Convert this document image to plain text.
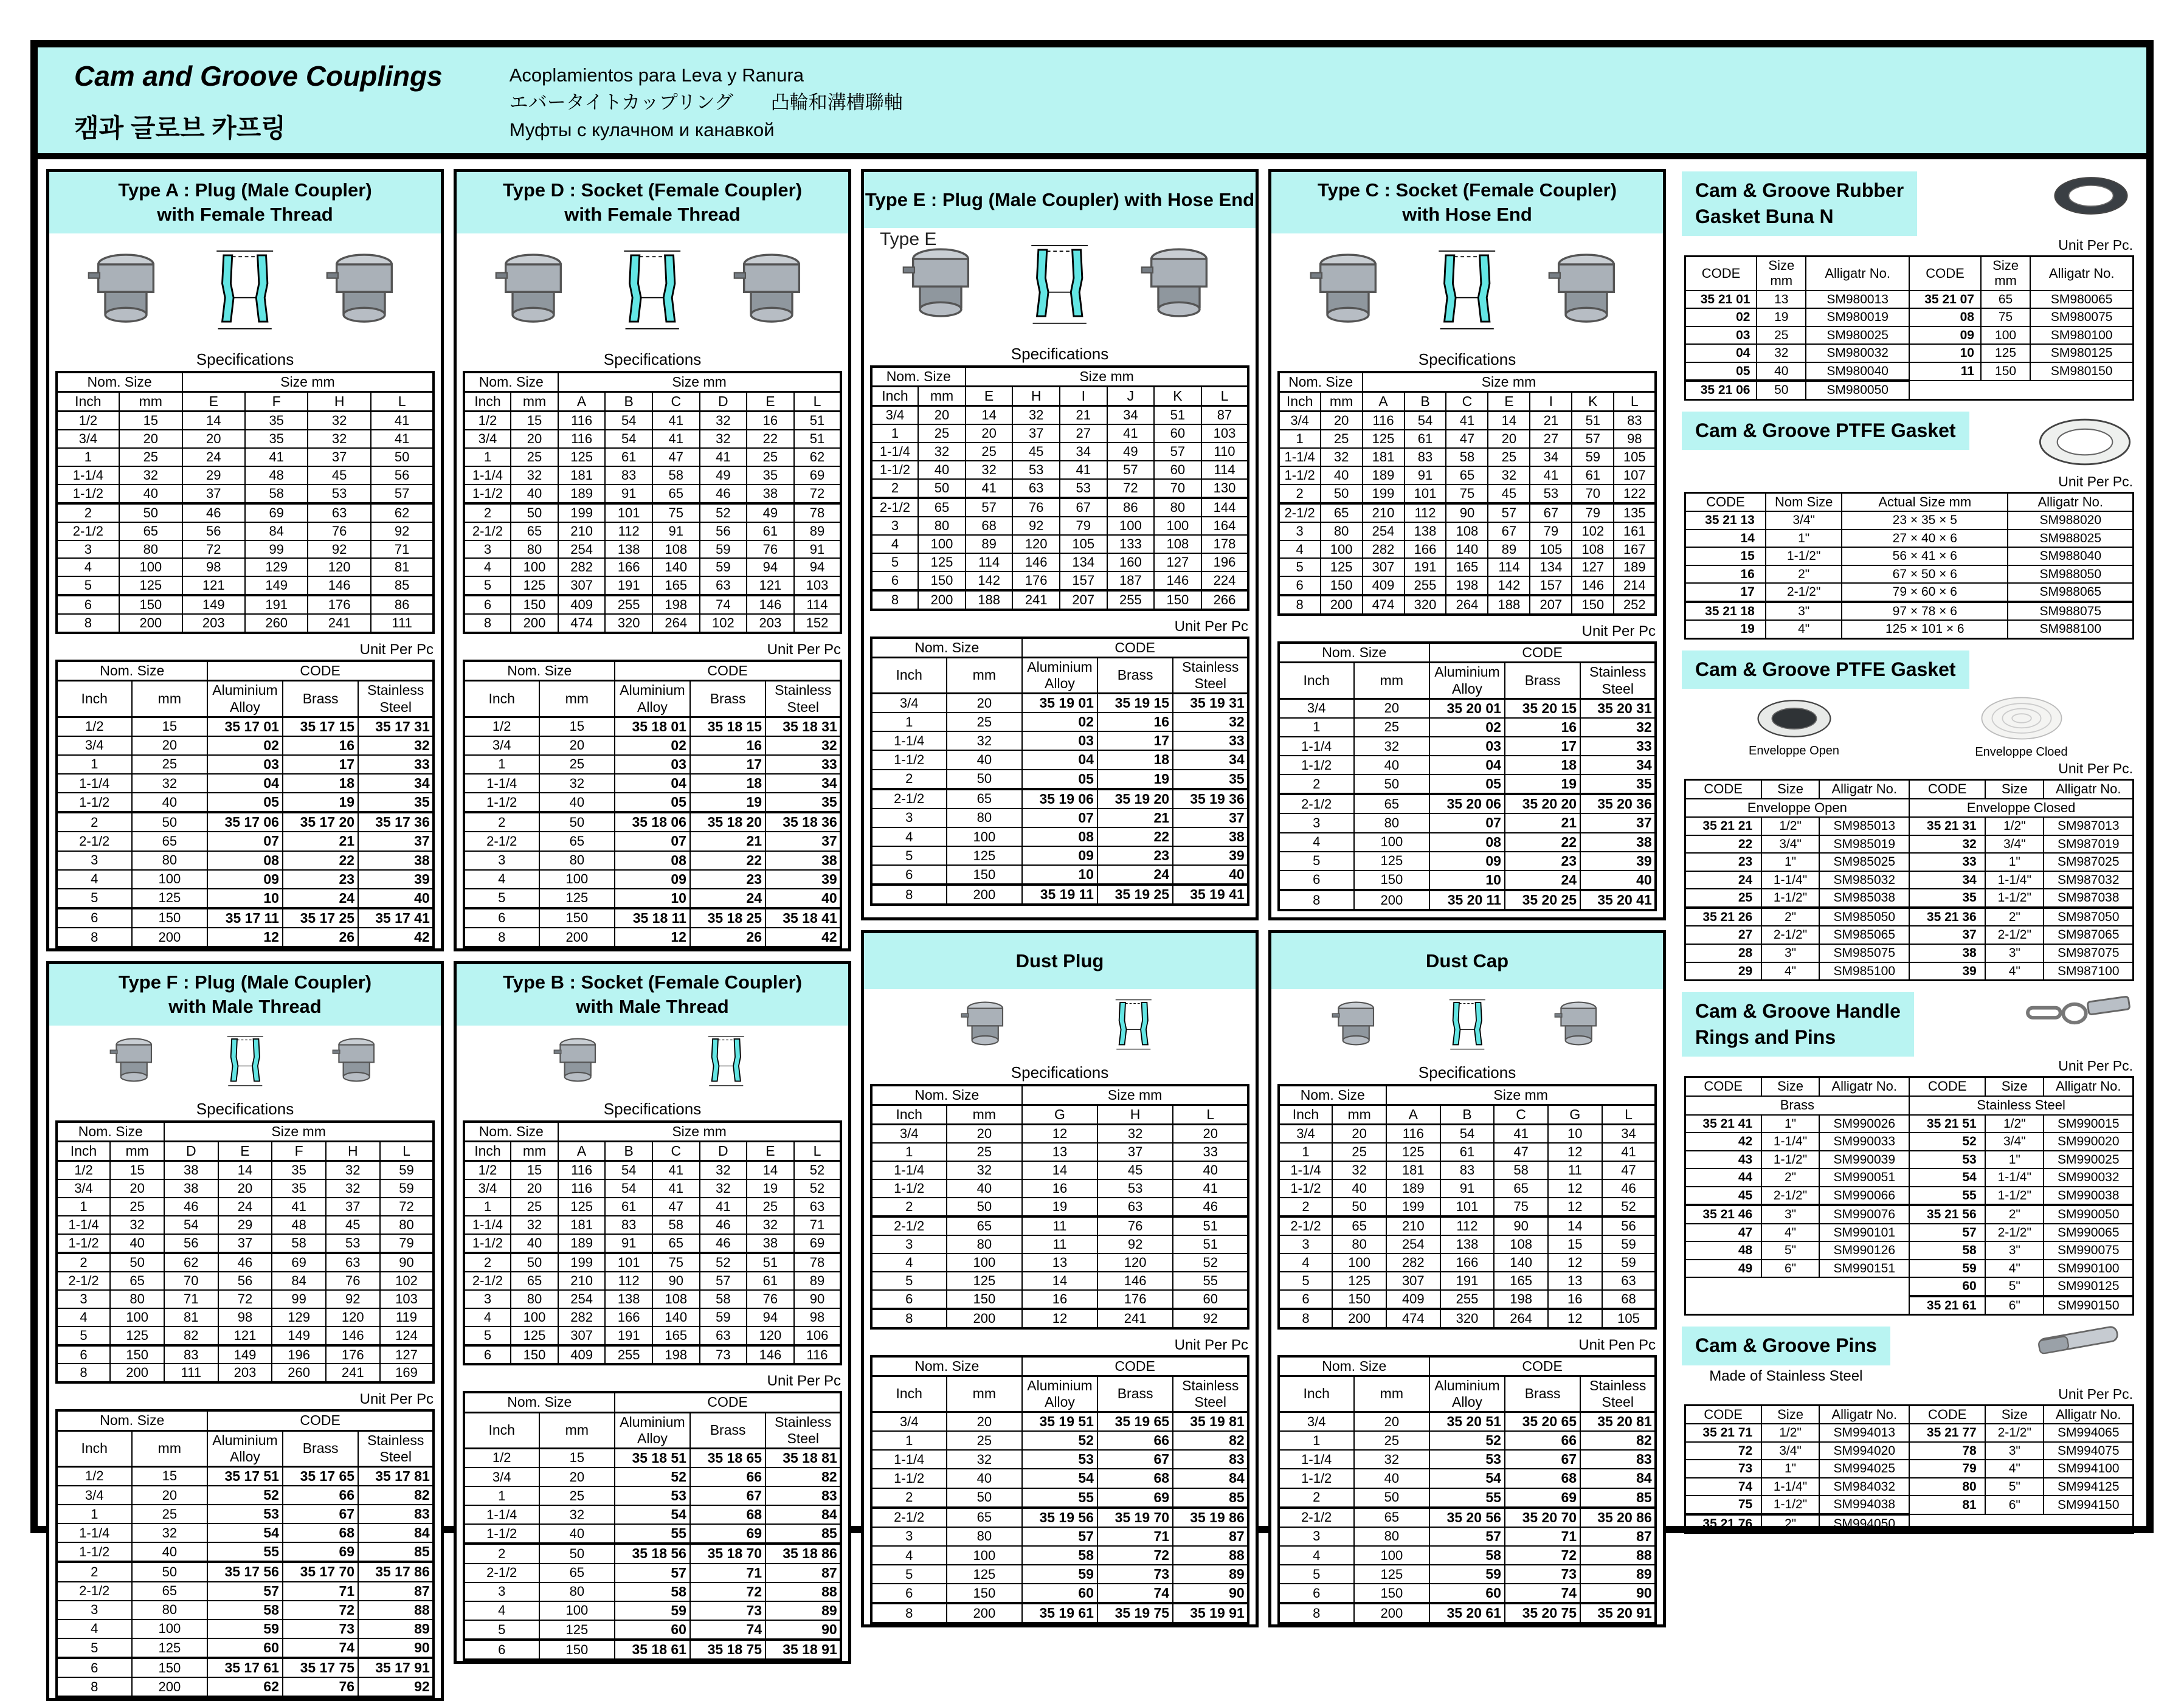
Cam and Groove Couplings
캠과 글로브 카프링
Acoplamientos para Leva y Ranura
エバータイトカップリング 凸輪和溝槽聯軸
Муфты с кулачном и канавкой
Type A : Plug (Male Coupler)
with Female Thread
Specifications
Nom. Size		Size mm			
Inch	mm	E	F	H	L
1/2	15	14	35	32	41
3/4	20	20	35	32	41
1	25	24	41	37	50
1-1/4	32	29	48	45	56
1-1/2	40	37	58	53	57
2	50	46	69	63	62
2-1/2	65	56	84	76	92
3	80	72	99	92	71
4	100	98	129	120	81
5	125	121	149	146	85
6	150	149	191	176	86
8	200	203	260	241	111
Unit Per Pc
Nom. Size		CODE		
Inch	mm	Aluminium Alloy	Brass	Stainless Steel
1/2	15	35 17 01	35 17 15	35 17 31
3/4	20	02	16	32
1	25	03	17	33
1-1/4	32	04	18	34
1-1/2	40	05	19	35
2	50	35 17 06	35 17 20	35 17 36
2-1/2	65	07	21	37
3	80	08	22	38
4	100	09	23	39
5	125	10	24	40
6	150	35 17 11	35 17 25	35 17 41
8	200	12	26	42
Type F : Plug (Male Coupler)
with Male Thread
Specifications
Nom. Size		Size mm				
Inch	mm	D	E	F	H	L
1/2	15	38	14	35	32	59
3/4	20	38	20	35	32	59
1	25	46	24	41	37	72
1-1/4	32	54	29	48	45	80
1-1/2	40	56	37	58	53	79
2	50	62	46	69	63	90
2-1/2	65	70	56	84	76	102
3	80	71	72	99	92	103
4	100	81	98	129	120	119
5	125	82	121	149	146	124
6	150	83	149	196	176	127
8	200	111	203	260	241	169
Unit Per Pc
Nom. Size		CODE		
Inch	mm	Aluminium Alloy	Brass	Stainless Steel
1/2	15	35 17 51	35 17 65	35 17 81
3/4	20	52	66	82
1	25	53	67	83
1-1/4	32	54	68	84
1-1/2	40	55	69	85
2	50	35 17 56	35 17 70	35 17 86
2-1/2	65	57	71	87
3	80	58	72	88
4	100	59	73	89
5	125	60	74	90
6	150	35 17 61	35 17 75	35 17 91
8	200	62	76	92
Type D : Socket (Female Coupler)
with Female Thread
Specifications
Nom. Size		Size mm					
Inch	mm	A	B	C	D	E	L
1/2	15	116	54	41	32	16	51
3/4	20	116	54	41	32	22	51
1	25	125	61	47	41	25	62
1-1/4	32	181	83	58	49	35	69
1-1/2	40	189	91	65	46	38	72
2	50	199	101	75	52	49	78
2-1/2	65	210	112	91	56	61	89
3	80	254	138	108	59	76	91
4	100	282	166	140	59	94	94
5	125	307	191	165	63	121	103
6	150	409	255	198	74	146	114
8	200	474	320	264	102	203	152
Unit Per Pc
Nom. Size		CODE		
Inch	mm	Aluminium Alloy	Brass	Stainless Steel
1/2	15	35 18 01	35 18 15	35 18 31
3/4	20	02	16	32
1	25	03	17	33
1-1/4	32	04	18	34
1-1/2	40	05	19	35
2	50	35 18 06	35 18 20	35 18 36
2-1/2	65	07	21	37
3	80	08	22	38
4	100	09	23	39
5	125	10	24	40
6	150	35 18 11	35 18 25	35 18 41
8	200	12	26	42
Type B : Socket (Female Coupler)
with Male Thread
Specifications
Nom. Size		Size mm					
Inch	mm	A	B	C	D	E	L
1/2	15	116	54	41	32	14	52
3/4	20	116	54	41	32	19	52
1	25	125	61	47	41	25	63
1-1/4	32	181	83	58	46	32	71
1-1/2	40	189	91	65	46	38	69
2	50	199	101	75	52	51	78
2-1/2	65	210	112	90	57	61	89
3	80	254	138	108	58	76	90
4	100	282	166	140	59	94	98
5	125	307	191	165	63	120	106
6	150	409	255	198	73	146	116
Unit Per Pc
Nom. Size		CODE		
Inch	mm	Aluminium Alloy	Brass	Stainless Steel
1/2	15	35 18 51	35 18 65	35 18 81
3/4	20	52	66	82
1	25	53	67	83
1-1/4	32	54	68	84
1-1/2	40	55	69	85
2	50	35 18 56	35 18 70	35 18 86
2-1/2	65	57	71	87
3	80	58	72	88
4	100	59	73	89
5	125	60	74	90
6	150	35 18 61	35 18 75	35 18 91
Type E : Plug (Male Coupler) with Hose End
Type E
Specifications
Nom. Size		Size mm					
Inch	mm	E	H	I	J	K	L
3/4	20	14	32	21	34	51	87
1	25	20	37	27	41	60	103
1-1/4	32	25	45	34	49	57	110
1-1/2	40	32	53	41	57	60	114
2	50	41	63	53	72	70	130
2-1/2	65	57	76	67	86	80	144
3	80	68	92	79	100	100	164
4	100	89	120	105	133	108	178
5	125	114	146	134	160	127	196
6	150	142	176	157	187	146	224
8	200	188	241	207	255	150	266
Unit Per Pc
Nom. Size		CODE		
Inch	mm	Aluminium Alloy	Brass	Stainless Steel
3/4	20	35 19 01	35 19 15	35 19 31
1	25	02	16	32
1-1/4	32	03	17	33
1-1/2	40	04	18	34
2	50	05	19	35
2-1/2	65	35 19 06	35 19 20	35 19 36
3	80	07	21	37
4	100	08	22	38
5	125	09	23	39
6	150	10	24	40
8	200	35 19 11	35 19 25	35 19 41
Dust Plug
Specifications
Nom. Size		Size mm		
Inch	mm	G	H	L
3/4	20	12	32	20
1	25	13	37	33
1-1/4	32	14	45	40
1-1/2	40	16	53	41
2	50	19	63	46
2-1/2	65	11	76	51
3	80	11	92	51
4	100	13	120	52
5	125	14	146	55
6	150	16	176	60
8	200	12	241	92
Unit Per Pc
Nom. Size		CODE		
Inch	mm	Aluminium Alloy	Brass	Stainless Steel
3/4	20	35 19 51	35 19 65	35 19 81
1	25	52	66	82
1-1/4	32	53	67	83
1-1/2	40	54	68	84
2	50	55	69	85
2-1/2	65	35 19 56	35 19 70	35 19 86
3	80	57	71	87
4	100	58	72	88
5	125	59	73	89
6	150	60	74	90
8	200	35 19 61	35 19 75	35 19 91
Type C : Socket (Female Coupler)
with Hose End
Specifications
Nom. Size		Size mm						
Inch	mm	A	B	C	E	I	K	L
3/4	20	116	54	41	14	21	51	83
1	25	125	61	47	20	27	57	98
1-1/4	32	181	83	58	25	34	59	105
1-1/2	40	189	91	65	32	41	61	107
2	50	199	101	75	45	53	70	122
2-1/2	65	210	112	90	57	67	79	135
3	80	254	138	108	67	79	102	161
4	100	282	166	140	89	105	108	167
5	125	307	191	165	114	134	127	189
6	150	409	255	198	142	157	146	214
8	200	474	320	264	188	207	150	252
Unit Per Pc
Nom. Size		CODE		
Inch	mm	Aluminium Alloy	Brass	Stainless Steel
3/4	20	35 20 01	35 20 15	35 20 31
1	25	02	16	32
1-1/4	32	03	17	33
1-1/2	40	04	18	34
2	50	05	19	35
2-1/2	65	35 20 06	35 20 20	35 20 36
3	80	07	21	37
4	100	08	22	38
5	125	09	23	39
6	150	10	24	40
8	200	35 20 11	35 20 25	35 20 41
Dust Cap
Specifications
Nom. Size		Size mm				
Inch	mm	A	B	C	G	L
3/4	20	116	54	41	10	34
1	25	125	61	47	12	41
1-1/4	32	181	83	58	11	47
1-1/2	40	189	91	65	12	46
2	50	199	101	75	12	52
2-1/2	65	210	112	90	14	56
3	80	254	138	108	15	59
4	100	282	166	140	12	59
5	125	307	191	165	13	63
6	150	409	255	198	16	68
8	200	474	320	264	12	105
Unit Pen Pc
Nom. Size		CODE		
Inch	mm	Aluminium Alloy	Brass	Stainless Steel
3/4	20	35 20 51	35 20 65	35 20 81
1	25	52	66	82
1-1/4	32	53	67	83
1-1/2	40	54	68	84
2	50	55	69	85
2-1/2	65	35 20 56	35 20 70	35 20 86
3	80	57	71	87
4	100	58	72	88
5	125	59	73	89
6	150	60	74	90
8	200	35 20 61	35 20 75	35 20 91
Cam & Groove Rubber
Gasket Buna N
Unit Per Pc.
CODE	Size mm	Alligatr No.	CODE	Size mm	Alligatr No.
35 21 01	13	SM980013	35 21 07	65	SM980065
02	19	SM980019	08	75	SM980075
03	25	SM980025	09	100	SM980100
04	32	SM980032	10	125	SM980125
05	40	SM980040	11	150	SM980150
35 21 06	50	SM980050			
Cam & Groove PTFE Gasket
Unit Per Pc.
CODE	Nom Size	Actual Size mm	Alligatr No.
35 21 13	3/4"	23 × 35 × 5	SM988020
14	1"	27 × 40 × 6	SM988025
15	1-1/2"	56 × 41 × 6	SM988040
16	2"	67 × 50 × 6	SM988050
17	2-1/2"	79 × 60 × 6	SM988065
35 21 18	3"	97 × 78 × 6	SM988075
19	4"	125 × 101 × 6	SM988100
Cam & Groove PTFE Gasket
Enveloppe Open	Enveloppe Cloed
Unit Per Pc.
CODE	Size	Alligatr No.	CODE	Size	Alligatr No.
Enveloppe Open			Enveloppe Closed		
35 21 21	1/2"	SM985013	35 21 31	1/2"	SM987013
22	3/4"	SM985019	32	3/4"	SM987019
23	1"	SM985025	33	1"	SM987025
24	1-1/4"	SM985032	34	1-1/4"	SM987032
25	1-1/2"	SM985038	35	1-1/2"	SM987038
35 21 26	2"	SM985050	35 21 36	2"	SM987050
27	2-1/2"	SM985065	37	2-1/2"	SM987065
28	3"	SM985075	38	3"	SM987075
29	4"	SM985100	39	4"	SM987100
Cam & Groove Handle
Rings and Pins
Unit Per Pc.
CODE	Size	Alligatr No.	CODE	Size	Alligatr No.
Brass			Stainless Steel		
35 21 41	1"	SM990026	35 21 51	1/2"	SM990015
42	1-1/4"	SM990033	52	3/4"	SM990020
43	1-1/2"	SM990039	53	1"	SM990025
44	2"	SM990051	54	1-1/4"	SM990032
45	2-1/2"	SM990066	55	1-1/2"	SM990038
35 21 46	3"	SM990076	35 21 56	2"	SM990050
47	4"	SM990101	57	2-1/2"	SM990065
48	5"	SM990126	58	3"	SM990075
49	6"	SM990151	59	4"	SM990100
			60	5"	SM990125
			35 21 61	6"	SM990150
Cam & Groove Pins
Made of Stainless Steel
Unit Per Pc.
CODE	Size	Alligatr No.	CODE	Size	Alligatr No.
35 21 71	1/2"	SM994013	35 21 77	2-1/2"	SM994065
72	3/4"	SM994020	78	3"	SM994075
73	1"	SM994025	79	4"	SM994100
74	1-1/4"	SM984032	80	5"	SM994125
75	1-1/2"	SM994038	81	6"	SM994150
35 21 76	2"	SM994050			
